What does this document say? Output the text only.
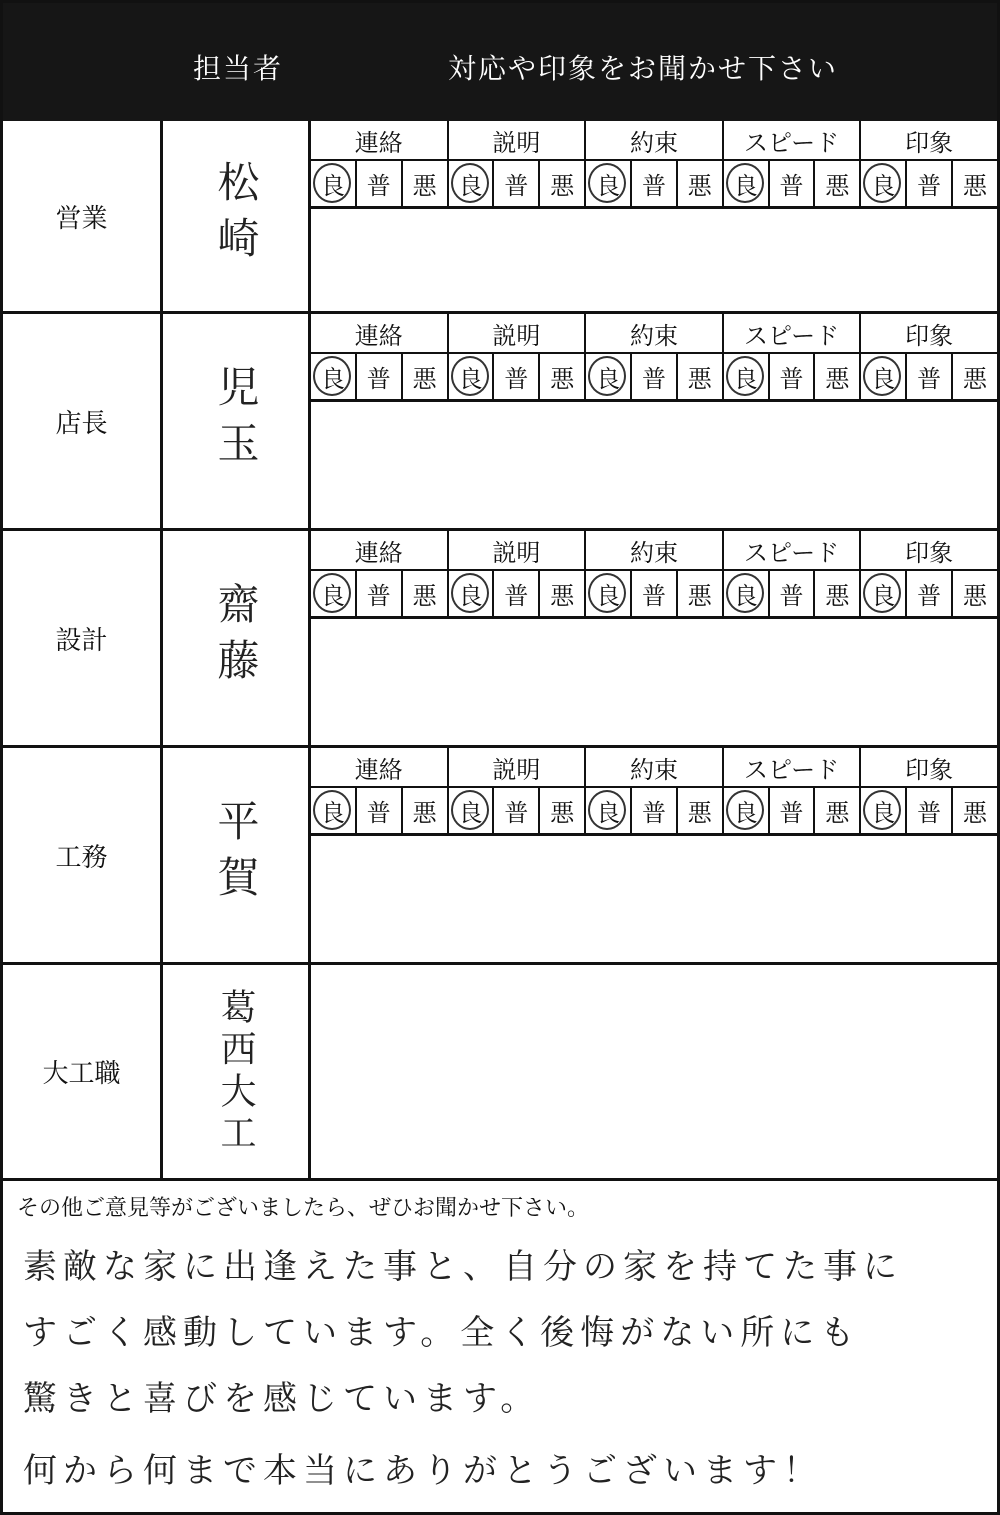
担当者	対応や印象をお聞かせ下さい
営業	松崎
連絡	説明	約束	スピード	印象
良 普 悪 良 普 悪 良 普 悪 良 普 悪 良 普 悪
店長	児玉
連絡	説明	約束	スピード	印象
良 普 悪 良 普 悪 良 普 悪 良 普 悪 良 普 悪
設計	齋藤
連絡	説明	約束	スピード	印象
良 普 悪 良 普 悪 良 普 悪 良 普 悪 良 普 悪
工務	平賀
連絡	説明	約束	スピード	印象
良 普 悪 良 普 悪 良 普 悪 良 普 悪 良 普 悪
大工職	葛西大工
その他ご意見等がございましたら、ぜひお聞かせ下さい。
素敵な家に出逢えた事と、自分の家を持てた事に
すごく感動しています。全く後悔がない所にも
驚きと喜びを感じています。
何から何まで本当にありがとうございます！
